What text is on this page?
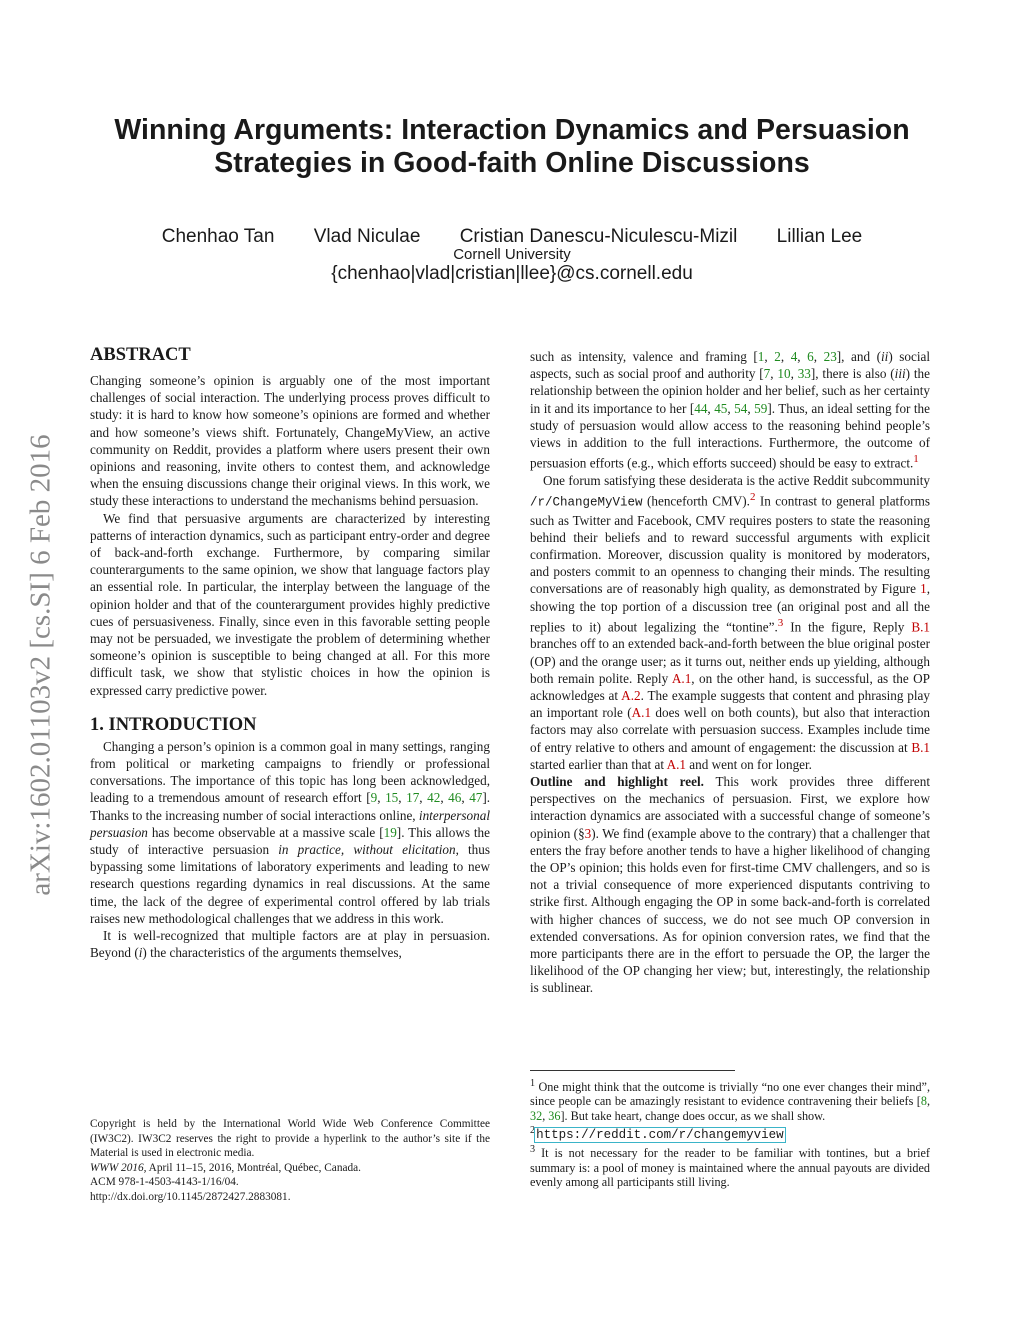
arXiv:1602.01103v2 [cs.SI] 6 Feb 2016
Winning Arguments: Interaction Dynamics and Persuasion
Strategies in Good-faith Online Discussions
Chenhao Tan Vlad Niculae Cristian Danescu-Niculescu-Mizil Lillian Lee
Cornell University
{chenhao|vlad|cristian|llee}@cs.cornell.edu
ABSTRACT

Changing someone’s opinion is arguably one of the most important challenges of social interaction. The underlying process proves difficult to study: it is hard to know how someone’s opinions are formed and whether and how someone’s views shift. Fortunately, ChangeMyView, an active community on Reddit, provides a platform where users present their own opinions and reasoning, invite others to contest them, and acknowledge when the ensuing discussions change their original views. In this work, we study these interactions to understand the mechanisms behind persuasion.

We find that persuasive arguments are characterized by interesting patterns of interaction dynamics, such as participant entry-order and degree of back-and-forth exchange. Furthermore, by comparing similar counterarguments to the same opinion, we show that language factors play an essential role. In particular, the interplay between the language of the opinion holder and that of the counterargument provides highly predictive cues of persuasiveness. Finally, since even in this favorable setting people may not be persuaded, we investigate the problem of determining whether someone’s opinion is susceptible to being changed at all. For this more difficult task, we show that stylistic choices in how the opinion is expressed carry predictive power.

1. INTRODUCTION

Changing a person’s opinion is a common goal in many settings, ranging from political or marketing campaigns to friendly or professional conversations. The importance of this topic has long been acknowledged, leading to a tremendous amount of research effort [9, 15, 17, 42, 46, 47]. Thanks to the increasing number of social interactions online, interpersonal persuasion has become observable at a massive scale [19]. This allows the study of interactive persuasion in practice, without elicitation, thus bypassing some limitations of laboratory experiments and leading to new research questions regarding dynamics in real discussions. At the same time, the lack of the degree of experimental control offered by lab trials raises new methodological challenges that we address in this work.

It is well-recognized that multiple factors are at play in persuasion. Beyond (i) the characteristics of the arguments themselves,

Copyright is held by the International World Wide Web Conference Committee (IW3C2). IW3C2 reserves the right to provide a hyperlink to the author’s site if the Material is used in electronic media.

WWW 2016, April 11–15, 2016, Montréal, Québec, Canada.

ACM 978-1-4503-4143-1/16/04.

http://dx.doi.org/10.1145/2872427.2883081.

such as intensity, valence and framing [1, 2, 4, 6, 23], and (ii) social aspects, such as social proof and authority [7, 10, 33], there is also (iii) the relationship between the opinion holder and her belief, such as her certainty in it and its importance to her [44, 45, 54, 59]. Thus, an ideal setting for the study of persuasion would allow access to the reasoning behind people’s views in addition to the full interactions. Furthermore, the outcome of persuasion efforts (e.g., which efforts succeed) should be easy to extract.$^1$

One forum satisfying these desiderata is the active Reddit subcommunity /r/ChangeMyView (henceforth CMV).$^2$ In contrast to general platforms such as Twitter and Facebook, CMV requires posters to state the reasoning behind their beliefs and to reward successful arguments with explicit confirmation. Moreover, discussion quality is monitored by moderators, and posters commit to an openness to changing their minds. The resulting conversations are of reasonably high quality, as demonstrated by Figure 1, showing the top portion of a discussion tree (an original post and all the replies to it) about legalizing the “tontine”.$^3$ In the figure, Reply B.1 branches off to an extended back-and-forth between the blue original poster (OP) and the orange user; as it turns out, neither ends up yielding, although both remain polite. Reply A.1, on the other hand, is successful, as the OP acknowledges at A.2. The example suggests that content and phrasing play an important role (A.1 does well on both counts), but also that interaction factors may also correlate with persuasion success. Examples include time of entry relative to others and amount of engagement: the discussion at B.1 started earlier than that at A.1 and went on for longer.

Outline and highlight reel. This work provides three different perspectives on the mechanics of persuasion. First, we explore how interaction dynamics are associated with a successful change of someone’s opinion (§3). We find (example above to the contrary) that a challenger that enters the fray before another tends to have a higher likelihood of changing the OP’s opinion; this holds even for first-time CMV challengers, and so is not a trivial consequence of more experienced disputants contriving to strike first. Although engaging the OP in some back-and-forth is correlated with higher chances of success, we do not see much OP conversion in extended conversations. As for opinion conversion rates, we find that the more participants there are in the effort to persuade the OP, the larger the likelihood of the OP changing her view; but, interestingly, the relationship is sublinear.

$^1$ One might think that the outcome is trivially “no one ever changes their mind”, since people can be amazingly resistant to evidence contravening their beliefs [8, 32, 36]. But take heart, change does occur, as we shall show.

$^2$https://reddit.com/r/changemyview

$^3$ It is not necessary for the reader to be familiar with tontines, but a brief summary is: a pool of money is maintained where the annual payouts are divided evenly among all participants still living.
